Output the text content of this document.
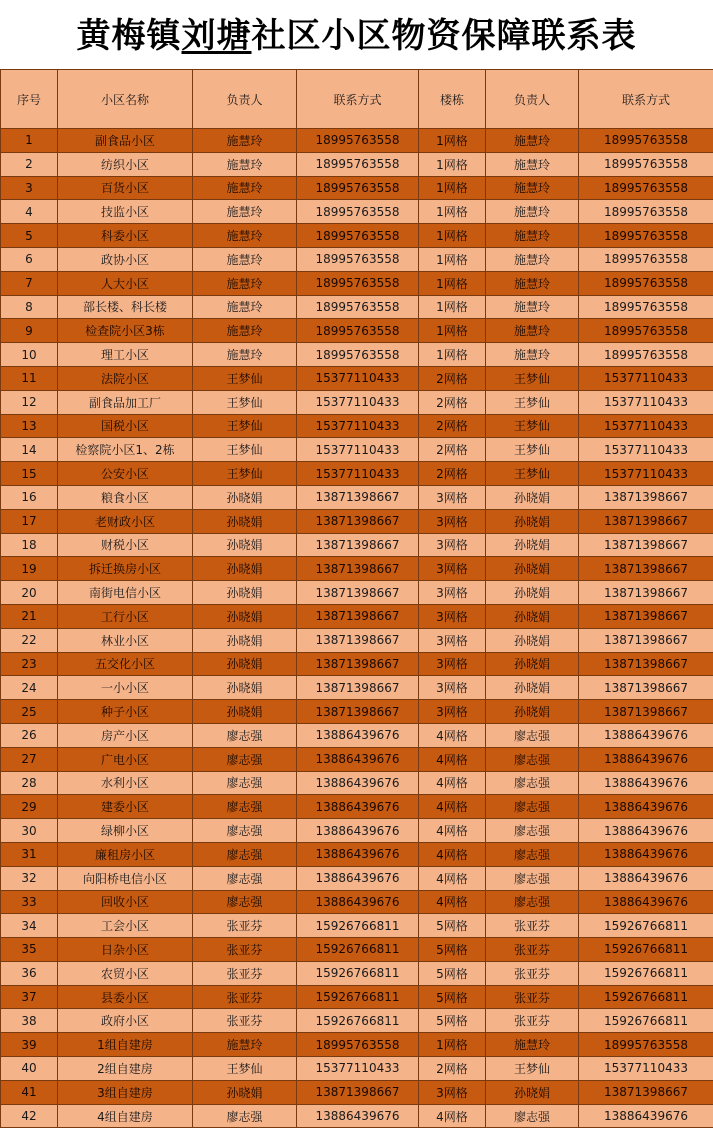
黄梅镇刘塘社区小区物资保障联系表
序号	小区名称	负责人	联系方式	楼栋	负责人	联系方式
1	副食品小区	施慧玲	18995763558	1网格	施慧玲	18995763558
2	纺织小区	施慧玲	18995763558	1网格	施慧玲	18995763558
3	百货小区	施慧玲	18995763558	1网格	施慧玲	18995763558
4	技监小区	施慧玲	18995763558	1网格	施慧玲	18995763558
5	科委小区	施慧玲	18995763558	1网格	施慧玲	18995763558
6	政协小区	施慧玲	18995763558	1网格	施慧玲	18995763558
7	人大小区	施慧玲	18995763558	1网格	施慧玲	18995763558
8	部长楼、科长楼	施慧玲	18995763558	1网格	施慧玲	18995763558
9	检查院小区3栋	施慧玲	18995763558	1网格	施慧玲	18995763558
10	理工小区	施慧玲	18995763558	1网格	施慧玲	18995763558
11	法院小区	王梦仙	15377110433	2网格	王梦仙	15377110433
12	副食品加工厂	王梦仙	15377110433	2网格	王梦仙	15377110433
13	国税小区	王梦仙	15377110433	2网格	王梦仙	15377110433
14	检察院小区1、2栋	王梦仙	15377110433	2网格	王梦仙	15377110433
15	公安小区	王梦仙	15377110433	2网格	王梦仙	15377110433
16	粮食小区	孙晓娟	13871398667	3网格	孙晓娟	13871398667
17	老财政小区	孙晓娟	13871398667	3网格	孙晓娟	13871398667
18	财税小区	孙晓娟	13871398667	3网格	孙晓娟	13871398667
19	拆迁换房小区	孙晓娟	13871398667	3网格	孙晓娟	13871398667
20	南街电信小区	孙晓娟	13871398667	3网格	孙晓娟	13871398667
21	工行小区	孙晓娟	13871398667	3网格	孙晓娟	13871398667
22	林业小区	孙晓娟	13871398667	3网格	孙晓娟	13871398667
23	五交化小区	孙晓娟	13871398667	3网格	孙晓娟	13871398667
24	一小小区	孙晓娟	13871398667	3网格	孙晓娟	13871398667
25	种子小区	孙晓娟	13871398667	3网格	孙晓娟	13871398667
26	房产小区	廖志强	13886439676	4网格	廖志强	13886439676
27	广电小区	廖志强	13886439676	4网格	廖志强	13886439676
28	水利小区	廖志强	13886439676	4网格	廖志强	13886439676
29	建委小区	廖志强	13886439676	4网格	廖志强	13886439676
30	绿柳小区	廖志强	13886439676	4网格	廖志强	13886439676
31	廉租房小区	廖志强	13886439676	4网格	廖志强	13886439676
32	向阳桥电信小区	廖志强	13886439676	4网格	廖志强	13886439676
33	回收小区	廖志强	13886439676	4网格	廖志强	13886439676
34	工会小区	张亚芬	15926766811	5网格	张亚芬	15926766811
35	日杂小区	张亚芬	15926766811	5网格	张亚芬	15926766811
36	农贸小区	张亚芬	15926766811	5网格	张亚芬	15926766811
37	县委小区	张亚芬	15926766811	5网格	张亚芬	15926766811
38	政府小区	张亚芬	15926766811	5网格	张亚芬	15926766811
39	1组自建房	施慧玲	18995763558	1网格	施慧玲	18995763558
40	2组自建房	王梦仙	15377110433	2网格	王梦仙	15377110433
41	3组自建房	孙晓娟	13871398667	3网格	孙晓娟	13871398667
42	4组自建房	廖志强	13886439676	4网格	廖志强	13886439676
